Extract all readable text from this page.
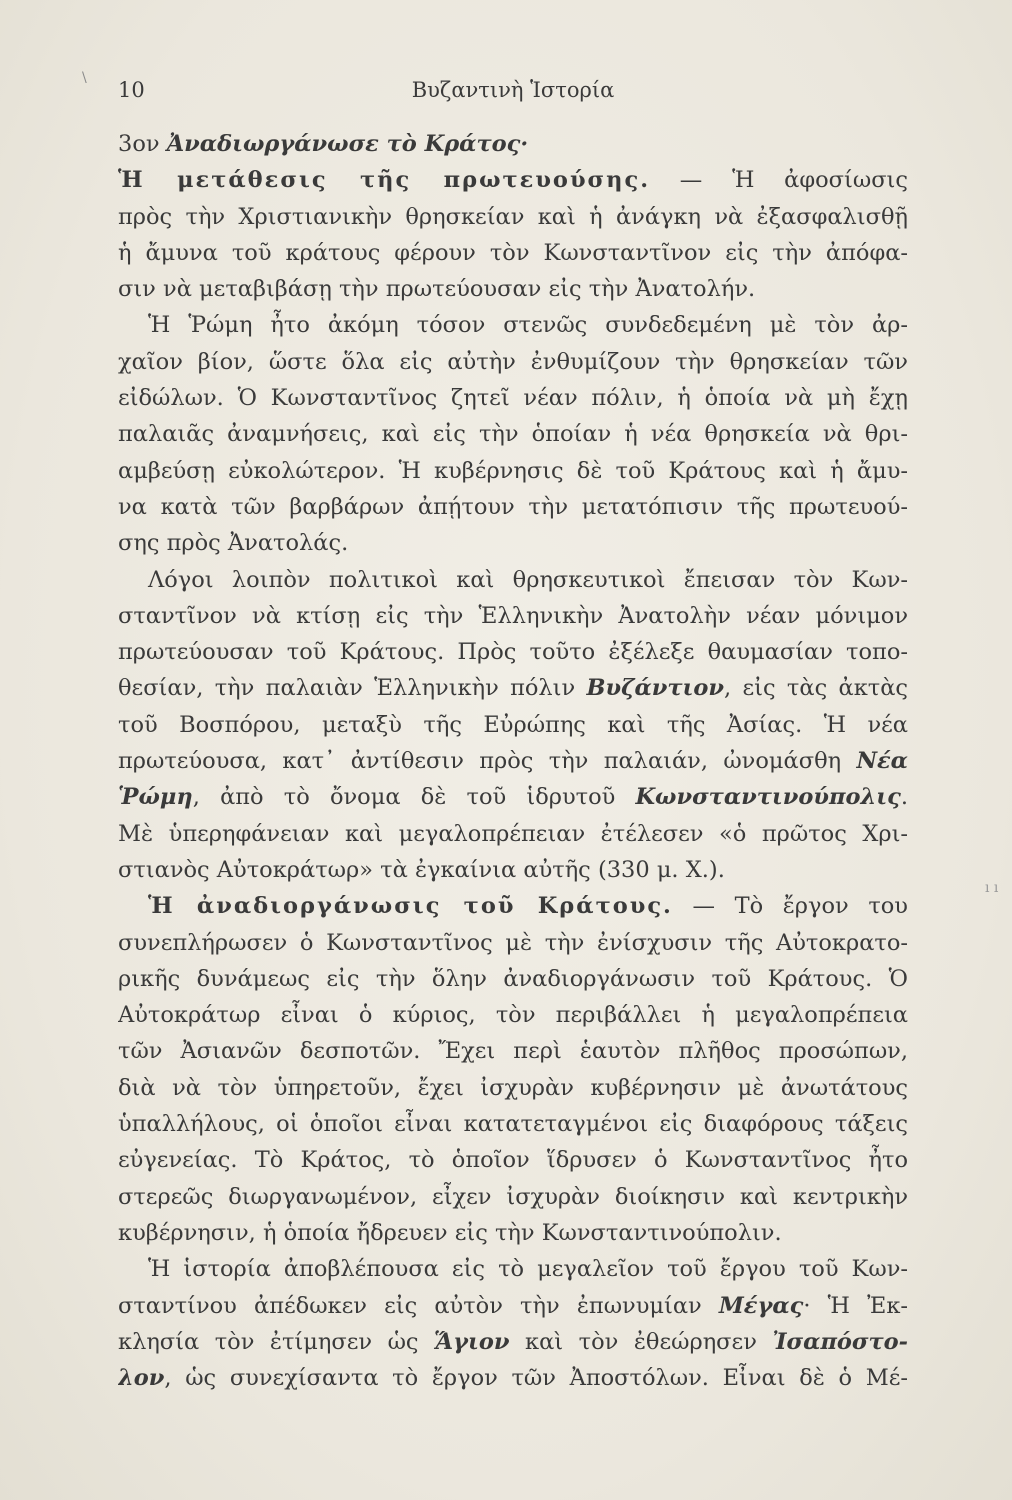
\
ı ı
10	Βυζαντινὴ Ἱστορία
3ον Ἀναδιωργάνωσε τὸ Κράτος·
Ἡ μετάθεσις τῆς πρωτευούσης. — Ἡ ἀφοσίωσις
πρὸς τὴν Χριστιανικὴν θρησκείαν καὶ ἡ ἀνάγκη νὰ ἐξασφαλισθῇ
ἡ ἄμυνα τοῦ κράτους φέρουν τὸν Κωνσταντῖνον εἰς τὴν ἀπόφα-
σιν νὰ μεταβιβάσῃ τὴν πρωτεύουσαν εἰς τὴν Ἀνατολήν.
Ἡ Ῥώμη ἦτο ἀκόμη τόσον στενῶς συνδεδεμένη μὲ τὸν ἀρ-
χαῖον βίον, ὥστε ὅλα εἰς αὐτὴν ἐνθυμίζουν τὴν θρησκείαν τῶν
εἰδώλων. Ὁ Κωνσταντῖνος ζητεῖ νέαν πόλιν, ἡ ὁποία νὰ μὴ ἔχῃ
παλαιᾶς ἀναμνήσεις, καὶ εἰς τὴν ὁποίαν ἡ νέα θρησκεία νὰ θρι-
αμβεύσῃ εὐκολώτερον. Ἡ κυβέρνησις δὲ τοῦ Κράτους καὶ ἡ ἄμυ-
να κατὰ τῶν βαρβάρων ἀπῄτουν τὴν μετατόπισιν τῆς πρωτευού-
σης πρὸς Ἀνατολάς.
Λόγοι λοιπὸν πολιτικοὶ καὶ θρησκευτικοὶ ἔπεισαν τὸν Κων-
σταντῖνον νὰ κτίσῃ εἰς τὴν Ἑλληνικὴν Ἀνατολὴν νέαν μόνιμον
πρωτεύουσαν τοῦ Κράτους. Πρὸς τοῦτο ἐξέλεξε θαυμασίαν τοπο-
θεσίαν, τὴν παλαιὰν Ἑλληνικὴν πόλιν Βυζάντιον, εἰς τὰς ἀκτὰς
τοῦ Βοσπόρου, μεταξὺ τῆς Εὐρώπης καὶ τῆς Ἀσίας. Ἡ νέα
πρωτεύουσα, κατ᾽ ἀντίθεσιν πρὸς τὴν παλαιάν, ὠνομάσθη Νέα
Ῥώμη, ἀπὸ τὸ ὄνομα δὲ τοῦ ἱδρυτοῦ Κωνσταντινούπολις.
Μὲ ὑπερηφάνειαν καὶ μεγαλοπρέπειαν ἐτέλεσεν «ὁ πρῶτος Χρι-
στιανὸς Αὐτοκράτωρ» τὰ ἐγκαίνια αὐτῆς (330 μ. Χ.).
Ἡ ἀναδιοργάνωσις τοῦ Κράτους. — Τὸ ἔργον του
συνεπλήρωσεν ὁ Κωνσταντῖνος μὲ τὴν ἐνίσχυσιν τῆς Αὐτοκρατο-
ρικῆς δυνάμεως εἰς τὴν ὅλην ἀναδιοργάνωσιν τοῦ Κράτους. Ὁ
Αὐτοκράτωρ εἶναι ὁ κύριος, τὸν περιβάλλει ἡ μεγαλοπρέπεια
τῶν Ἀσιανῶν δεσποτῶν. Ἔχει περὶ ἑαυτὸν πλῆθος προσώπων,
διὰ νὰ τὸν ὑπηρετοῦν, ἔχει ἰσχυρὰν κυβέρνησιν μὲ ἀνωτάτους
ὑπαλλήλους, οἱ ὁποῖοι εἶναι κατατεταγμένοι εἰς διαφόρους τάξεις
εὐγενείας. Τὸ Κράτος, τὸ ὁποῖον ἵδρυσεν ὁ Κωνσταντῖνος ἦτο
στερεῶς διωργανωμένον, εἶχεν ἰσχυρὰν διοίκησιν καὶ κεντρικὴν
κυβέρνησιν, ἡ ὁποία ἤδρευεν εἰς τὴν Κωνσταντινούπολιν.
Ἡ ἱστορία ἀποβλέπουσα εἰς τὸ μεγαλεῖον τοῦ ἔργου τοῦ Κων-
σταντίνου ἀπέδωκεν εἰς αὐτὸν τὴν ἐπωνυμίαν Μέγας· Ἡ Ἐκ-
κλησία τὸν ἐτίμησεν ὡς Ἅγιον καὶ τὸν ἐθεώρησεν Ἰσαπόστο-
λον, ὡς συνεχίσαντα τὸ ἔργον τῶν Ἀποστόλων. Εἶναι δὲ ὁ Μέ-
